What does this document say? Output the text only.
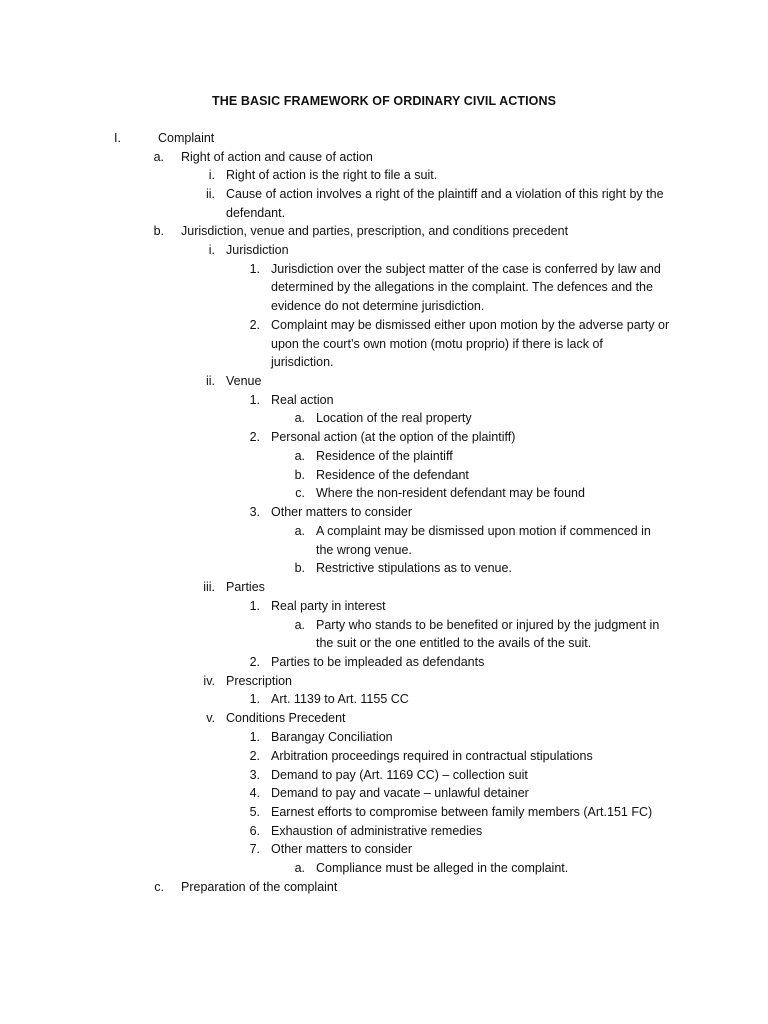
THE BASIC FRAMEWORK OF ORDINARY CIVIL ACTIONS
I.	Complaint
a. Right of action and cause of action
i. Right of action is the right to file a suit.
ii. Cause of action involves a right of the plaintiff and a violation of this right by the
defendant.
b. Jurisdiction, venue and parties, prescription, and conditions precedent
i. Jurisdiction
1. Jurisdiction over the subject matter of the case is conferred by law and
determined by the allegations in the complaint. The defences and the
evidence do not determine jurisdiction.
2. Complaint may be dismissed either upon motion by the adverse party or
upon the court’s own motion (motu proprio) if there is lack of
jurisdiction.
ii. Venue
1. Real action
a. Location of the real property
2. Personal action (at the option of the plaintiff)
a. Residence of the plaintiff
b. Residence of the defendant
c. Where the non-resident defendant may be found
3. Other matters to consider
a. A complaint may be dismissed upon motion if commenced in
the wrong venue.
b. Restrictive stipulations as to venue.
iii. Parties
1. Real party in interest
a. Party who stands to be benefited or injured by the judgment in
the suit or the one entitled to the avails of the suit.
2. Parties to be impleaded as defendants
iv. Prescription
1. Art. 1139 to Art. 1155 CC
v. Conditions Precedent
1. Barangay Conciliation
2. Arbitration proceedings required in contractual stipulations
3. Demand to pay (Art. 1169 CC) – collection suit
4. Demand to pay and vacate – unlawful detainer
5. Earnest efforts to compromise between family members (Art.151 FC)
6. Exhaustion of administrative remedies
7. Other matters to consider
a. Compliance must be alleged in the complaint.
c. Preparation of the complaint
